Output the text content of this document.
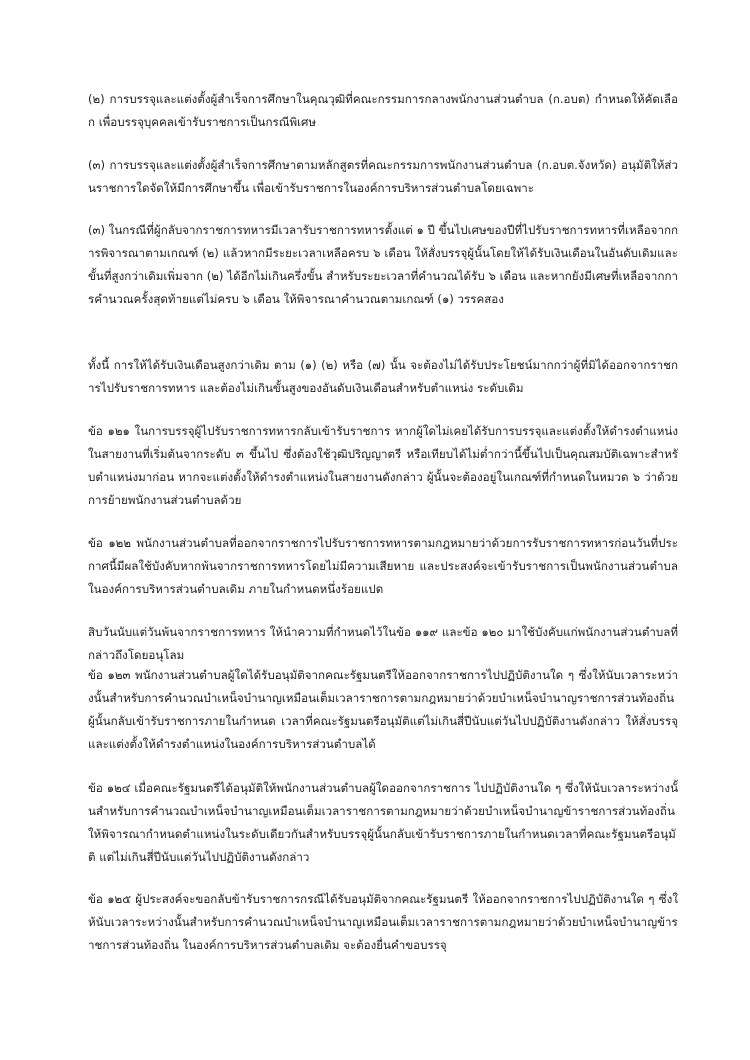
(๒) การบรรจุและแต่งตั้งผู้สำเร็จการศึกษาในคุณวุฒิที่คณะกรรมการกลางพนักงานส่วนตำบล (ก.อบต) กำหนดให้คัดเลือก เพื่อบรรจุบุคคลเข้ารับราชการเป็นกรณีพิเศษ

(๓) การบรรจุและแต่งตั้งผู้สำเร็จการศึกษาตามหลักสูตรที่คณะกรรมการพนักงานส่วนตำบล (ก.อบต.จังหวัด) อนุมัติให้ส่วนราชการใดจัดให้มีการศึกษาขึ้น เพื่อเข้ารับราชการในองค์การบริหารส่วนตำบลโดยเฉพาะ

(๓) ในกรณีที่ผู้กลับจากราชการทหารมีเวลารับราชการทหารตั้งแต่ ๑ ปี ขึ้นไปเศษของปีที่ไปรับราชการทหารที่เหลือจากการพิจารณาตามเกณฑ์ (๒) แล้วหากมีระยะเวลาเหลือครบ ๖ เดือน ให้สั่งบรรจุผู้นั้นโดยให้ได้รับเงินเดือนในอันดับเดิมและขั้นที่สูงกว่าเดิมเพิ่มจาก (๒) ได้อีกไม่เกินครึ่งขั้น สำหรับระยะเวลาที่คำนวณได้รับ ๖ เดือน และหากยังมีเศษที่เหลือจากการคำนวณครั้งสุดท้ายแต่ไม่ครบ ๖ เดือน ให้พิจารณาคำนวณตามเกณฑ์ (๑) วรรคสอง

ทั้งนี้ การให้ได้รับเงินเดือนสูงกว่าเดิม ตาม (๑) (๒) หรือ (๗) นั้น จะต้องไม่ได้รับประโยชน์มากกว่าผู้ที่มิได้ออกจากราชการไปรับราชการทหาร และต้องไม่เกินขั้นสูงของอันดับเงินเดือนสำหรับตำแหน่ง ระดับเดิม

ข้อ ๑๒๑ ในการบรรจุผู้ไปรับราชการทหารกลับเข้ารับราชการ หากผู้ใดไม่เคยได้รับการบรรจุและแต่งตั้งให้ดำรงตำแหน่งในสายงานที่เริ่มต้นจากระดับ ๓ ขึ้นไป ซึ่งต้องใช้วุฒิปริญญาตรี หรือเทียบได้ไม่ต่ำกว่านี้ขึ้นไปเป็นคุณสมบัติเฉพาะสำหรับตำแหน่งมาก่อน หากจะแต่งตั้งให้ดำรงตำแหน่งในสายงานดังกล่าว ผู้นั้นจะต้องอยู่ในเกณฑ์ที่กำหนดในหมวด ๖ ว่าด้วยการย้ายพนักงานส่วนตำบลด้วย

ข้อ ๑๒๒ พนักงานส่วนตำบลที่ออกจากราชการไปรับราชการทหารตามกฎหมายว่าด้วยการรับราชการทหารก่อนวันที่ประกาศนี้มีผลใช้บังคับหากพ้นจากราชการทหารโดยไม่มีความเสียหาย และประสงค์จะเข้ารับราชการเป็นพนักงานส่วนตำบลในองค์การบริหารส่วนตำบลเดิม ภายในกำหนดหนึ่งร้อยแปด

สิบวันนับแต่วันพ้นจากราชการทหาร ให้นำความที่กำหนดไว้ในข้อ ๑๑๙ และข้อ ๑๒๐ มาใช้บังคับแก่พนักงานส่วนตำบลที่กล่าวถึงโดยอนุโลม

ข้อ ๑๒๓ พนักงานส่วนตำบลผู้ใดได้รับอนุมัติจากคณะรัฐมนตรีให้ออกจากราชการไปปฏิบัติงานใด ๆ ซึ่งให้นับเวลาระหว่างนั้นสำหรับการคำนวณบำเหน็จบำนาญเหมือนเต็มเวลาราชการตามกฎหมายว่าด้วยบำเหน็จบำนาญราชการส่วนท้องถิ่น ผู้นั้นกลับเข้ารับราชการภายในกำหนด เวลาที่คณะรัฐมนตรีอนุมัติแต่ไม่เกินสี่ปีนับแต่วันไปปฏิบัติงานดังกล่าว ให้สั่งบรรจุและแต่งตั้งให้ดำรงตำแหน่งในองค์การบริหารส่วนตำบลได้

ข้อ ๑๒๔ เมื่อคณะรัฐมนตรีได้อนุมัติให้พนักงานส่วนตำบลผู้ใดออกจากราชการ ไปปฏิบัติงานใด ๆ ซึ่งให้นับเวลาระหว่างนั้นสำหรับการคำนวณบำเหน็จบำนาญเหมือนเต็มเวลาราชการตามกฎหมายว่าด้วยบำเหน็จบำนาญข้าราชการส่วนท้องถิ่น ให้พิจารณากำหนดตำแหน่งในระดับเดียวกันสำหรับบรรจุผู้นั้นกลับเข้ารับราชการภายในกำหนดเวลาที่คณะรัฐมนตรีอนุมัติ แต่ไม่เกินสี่ปีนับแต่วันไปปฏิบัติงานดังกล่าว

ข้อ ๑๒๕ ผู้ประสงค์จะขอกลับข้ารับราชการกรณีได้รับอนุมัติจากคณะรัฐมนตรี ให้ออกจากราชการไปปฏิบัติงานใด ๆ ซึ่งให้นับเวลาระหว่างนั้นสำหรับการคำนวณบำเหน็จบำนาญเหมือนเต็มเวลาราชการตามกฎหมายว่าด้วยบำเหน็จบำนาญข้าราชการส่วนท้องถิ่น ในองค์การบริหารส่วนตำบลเดิม จะต้องยื่นคำขอบรรจุ
